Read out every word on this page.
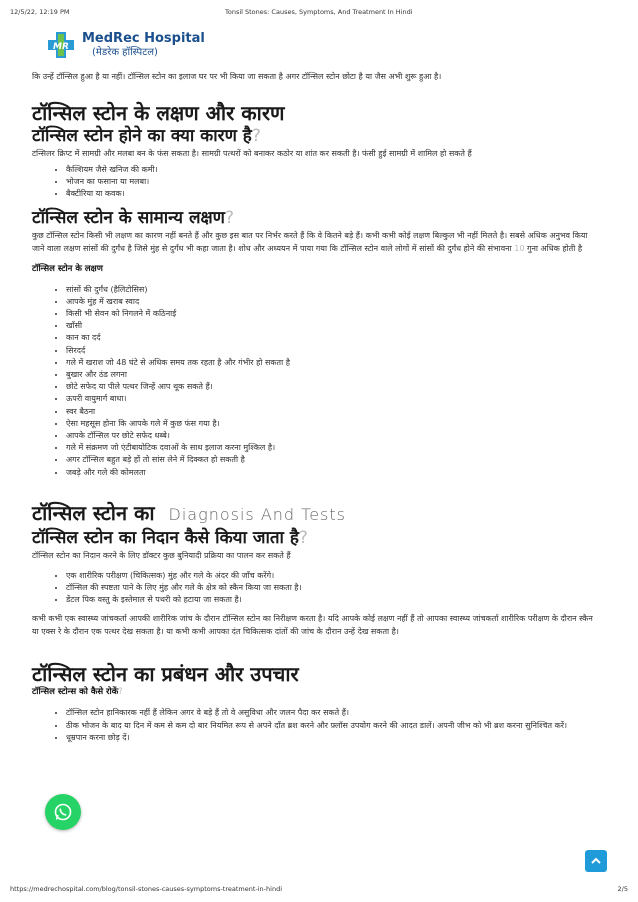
12/5/22, 12:19 PM	Tonsil Stones: Causes, Symptoms, And Treatment In Hindi
MR
MedRec Hospital
(मेडरेक हॉस्पिटल)

कि उन्हें टॉन्सिल हुआ है या नहीं। टॉन्सिल स्टोन का इलाज घर पर भी किया जा सकता है अगर टॉन्सिल स्टोन छोटा है या जैस अभी शुरू हुआ है।

टॉन्सिल स्टोन के लक्षण और कारण
टॉन्सिल स्टोन होने का क्या कारण है?

टन्सिलर क्रिप्ट में सामग्री और मलबा बन के फंस सकता है। सामग्री पत्थरों को बनाकर कठोर या शांत कर सकती है। फंसी हुई सामग्री में शामिल हो सकते हैं

• कैल्शियम जैसे खनिज की कमी।
• भोजन का फसाना या मलबा।
• बैक्टीरिया या कवक।
टॉन्सिल स्टोन के सामान्य लक्षण?

कुछ टॉन्सिल स्टोन किसी भी लक्षण का कारण नहीं बनते हैं और कुछ इस बात पर निर्भर करते हैं कि वे कितने बड़े हैं। कभी कभी कोई लक्षण बिल्कुल भी नहीं मिलते है। सबसे अधिक अनुभव किया जाने वाला लक्षण सांसों की दुर्गंध है जिसे मुंह से दुर्गंध भी कहा जाता है। शोध और अध्ययन में पाया गया कि टॉन्सिल स्टोन वाले लोगों में सांसों की दुर्गंध होने की संभावना 10 गुना अधिक होती है

टॉन्सिल स्टोन के लक्षण
• सांसों की दुर्गंध (हैलिटोसिस)
• आपके मुंह में खराब स्वाद
• किसी भी सेवन को निगलने में कठिनाई
• खाँसी
• कान का दर्द
• सिरदर्द
• गले में खराश जो 48 घंटे से अधिक समय तक रहता है और गंभीर हो सकता है
• बुखार और ठंड लगना
• छोटे सफेद या पीले पत्थर जिन्हें आप थूक सकते हैं।
• ऊपरी वायुमार्ग बाधा।
• स्वर बैठना
• ऐसा महसूस होना कि आपके गले में कुछ फंस गया है।
• आपके टॉन्सिल पर छोटे सफेद धब्बे।
• गले में संक्रमण जो एंटीबायोटिक दवाओं के साथ इलाज करना मुश्किल है।
• अगर टॉन्सिल बहुत बड़े हों तो सांस लेने में दिक्कत हो सकती है
• जबड़े और गले की कोमलता
टॉन्सिल स्टोन का Diagnosis And Tests
टॉन्सिल स्टोन का निदान कैसे किया जाता है?

टॉन्सिल स्टोन का निदान करने के लिए डॉक्टर कुछ बुनियादी प्रक्रिया का पालन कर सकते हैं

• एक शारीरिक परीक्षण (चिकित्सक) मुंह और गले के अंदर की जाँच करेंगे।
• टॉन्सिल की स्पष्टता पाने के लिए मुंह और गले के क्षेत्र को स्कैन किया जा सकता है।
• डेंटल पिक वस्तु के इस्तेमाल से पथरी को हटाया जा सकता है।

कभी कभी एक स्वास्थ्य जांचकर्ता आपकी शारीरिक जांच के दौरान टॉन्सिल स्टोन का निरीक्षण करता है। यदि आपके कोई लक्षण नहीं हैं तो आपका स्वास्थ्य जांचकर्ता शारीरिक परीक्षण के दौरान स्कैन या एक्स रे के दौरान एक पत्थर देख सकता है। या कभी कभी आपका दंत चिकित्सक दांतों की जांच के दौरान उन्हें देख सकता है।

टॉन्सिल स्टोन का प्रबंधन और उपचार
टॉन्सिल स्टोन्स को कैसे रोकें?
• टॉन्सिल स्टोन हानिकारक नहीं हैं लेकिन अगर वे बड़े हैं तो वे असुविधा और जलन पैदा कर सकते हैं।
• ठीक भोजन के बाद या दिन में कम से कम दो बार नियमित रूप से अपने दाँत ब्रश करने और फ़्लॉस उपयोग करने की आदत डालें। अपनी जीभ को भी ब्रश करना सुनिश्चित करें।
• धूम्रपान करना छोड़ दें।
https://medrechospital.com/blog/tonsil-stones-causes-symptoms-treatment-in-hindi	2/5
